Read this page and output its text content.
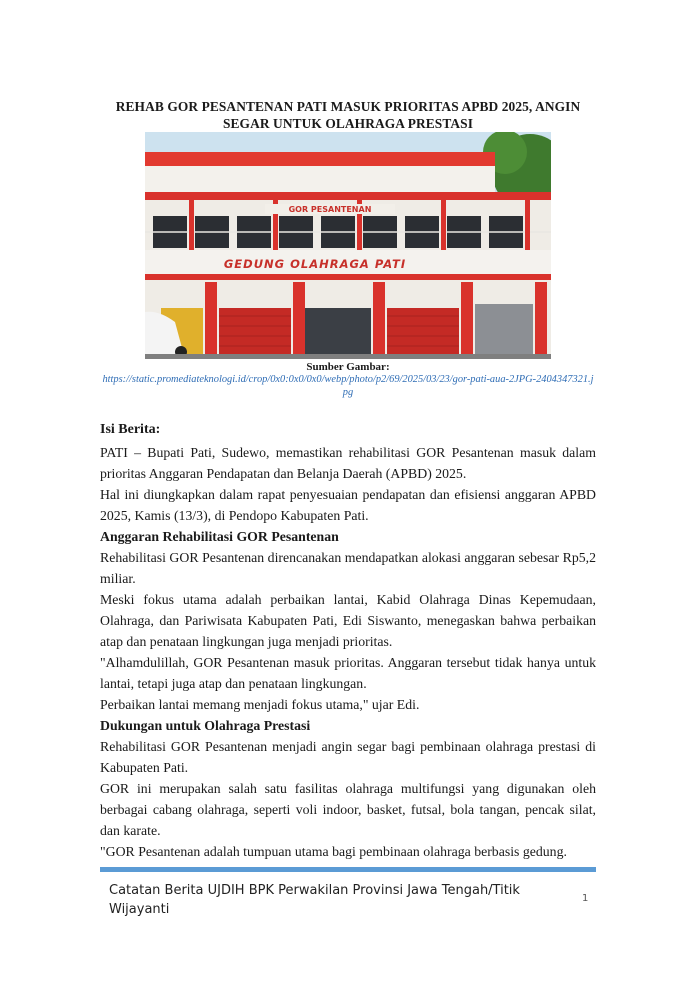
REHAB GOR PESANTENAN PATI MASUK PRIORITAS APBD 2025, ANGIN SEGAR UNTUK OLAHRAGA PRESTASI
GOR PESANTENAN
GEDUNG OLAHRAGA PATI
Sumber Gambar:
https://static.promediateknologi.id/crop/0x0:0x0/0x0/webp/photo/p2/69/2025/03/23/gor-pati-aua-2JPG-2404347321.jpg

Isi Berita:

PATI – Bupati Pati, Sudewo, memastikan rehabilitasi GOR Pesantenan masuk dalam prioritas Anggaran Pendapatan dan Belanja Daerah (APBD) 2025.

Hal ini diungkapkan dalam rapat penyesuaian pendapatan dan efisiensi anggaran APBD 2025, Kamis (13/3), di Pendopo Kabupaten Pati.

Anggaran Rehabilitasi GOR Pesantenan

Rehabilitasi GOR Pesantenan direncanakan mendapatkan alokasi anggaran sebesar Rp5,2 miliar.

Meski fokus utama adalah perbaikan lantai, Kabid Olahraga Dinas Kepemudaan, Olahraga, dan Pariwisata Kabupaten Pati, Edi Siswanto, menegaskan bahwa perbaikan atap dan penataan lingkungan juga menjadi prioritas.

"Alhamdulillah, GOR Pesantenan masuk prioritas. Anggaran tersebut tidak hanya untuk lantai, tetapi juga atap dan penataan lingkungan.

Perbaikan lantai memang menjadi fokus utama," ujar Edi.

Dukungan untuk Olahraga Prestasi

Rehabilitasi GOR Pesantenan menjadi angin segar bagi pembinaan olahraga prestasi di Kabupaten Pati.

GOR ini merupakan salah satu fasilitas olahraga multifungsi yang digunakan oleh berbagai cabang olahraga, seperti voli indoor, basket, futsal, bola tangan, pencak silat, dan karate.

"GOR Pesantenan adalah tumpuan utama bagi pembinaan olahraga berbasis gedung.

Catatan Berita UJDIH BPK Perwakilan Provinsi Jawa Tengah/Titik Wijayanti
1
